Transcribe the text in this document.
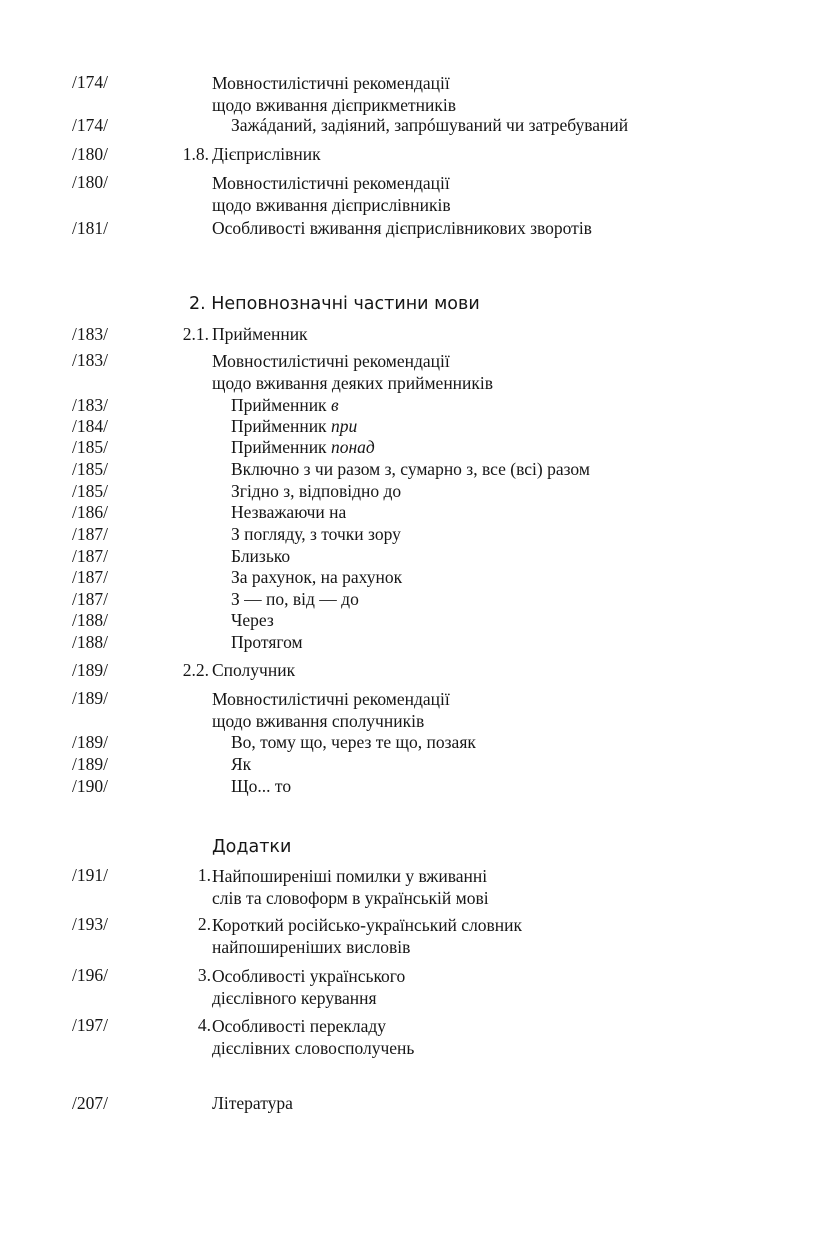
/174/	Мовностилістичні рекомендації
щодо вживання дієприкметників
/174/	Зажáданий, задіяний, запрóшуваний чи затребуваний
/180/	1.8. Дієприслівник
/180/	Мовностилістичні рекомендації
щодо вживання дієприслівників
/181/	Особливості вживання дієприслівникових зворотів
2. Неповнозначні частини мови
/183/	2.1. Прийменник
/183/	Мовностилістичні рекомендації
щодо вживання деяких прийменників
/183/	Прийменник в
/184/	Прийменник при
/185/	Прийменник понад
/185/	Включно з чи разом з, сумарно з, все (всі) разом
/185/	Згідно з, відповідно до
/186/	Незважаючи на
/187/	З погляду, з точки зору
/187/	Близько
/187/	За рахунок, на рахунок
/187/	З — по, від — до
/188/	Через
/188/	Протягом
/189/	2.2. Сполучник
/189/	Мовностилістичні рекомендації
щодо вживання сполучників
/189/	Во, тому що, через те що, позаяк
/189/	Як
/190/	Що... то
Додатки
/191/	1. Найпоширеніші помилки у вживанні
слів та словоформ в українській мові
/193/	2. Короткий російсько-український словник
найпоширеніших висловів
/196/	3. Особливості українського
дієслівного керування
/197/	4. Особливості перекладу
дієслівних словосполучень
/207/	Література
